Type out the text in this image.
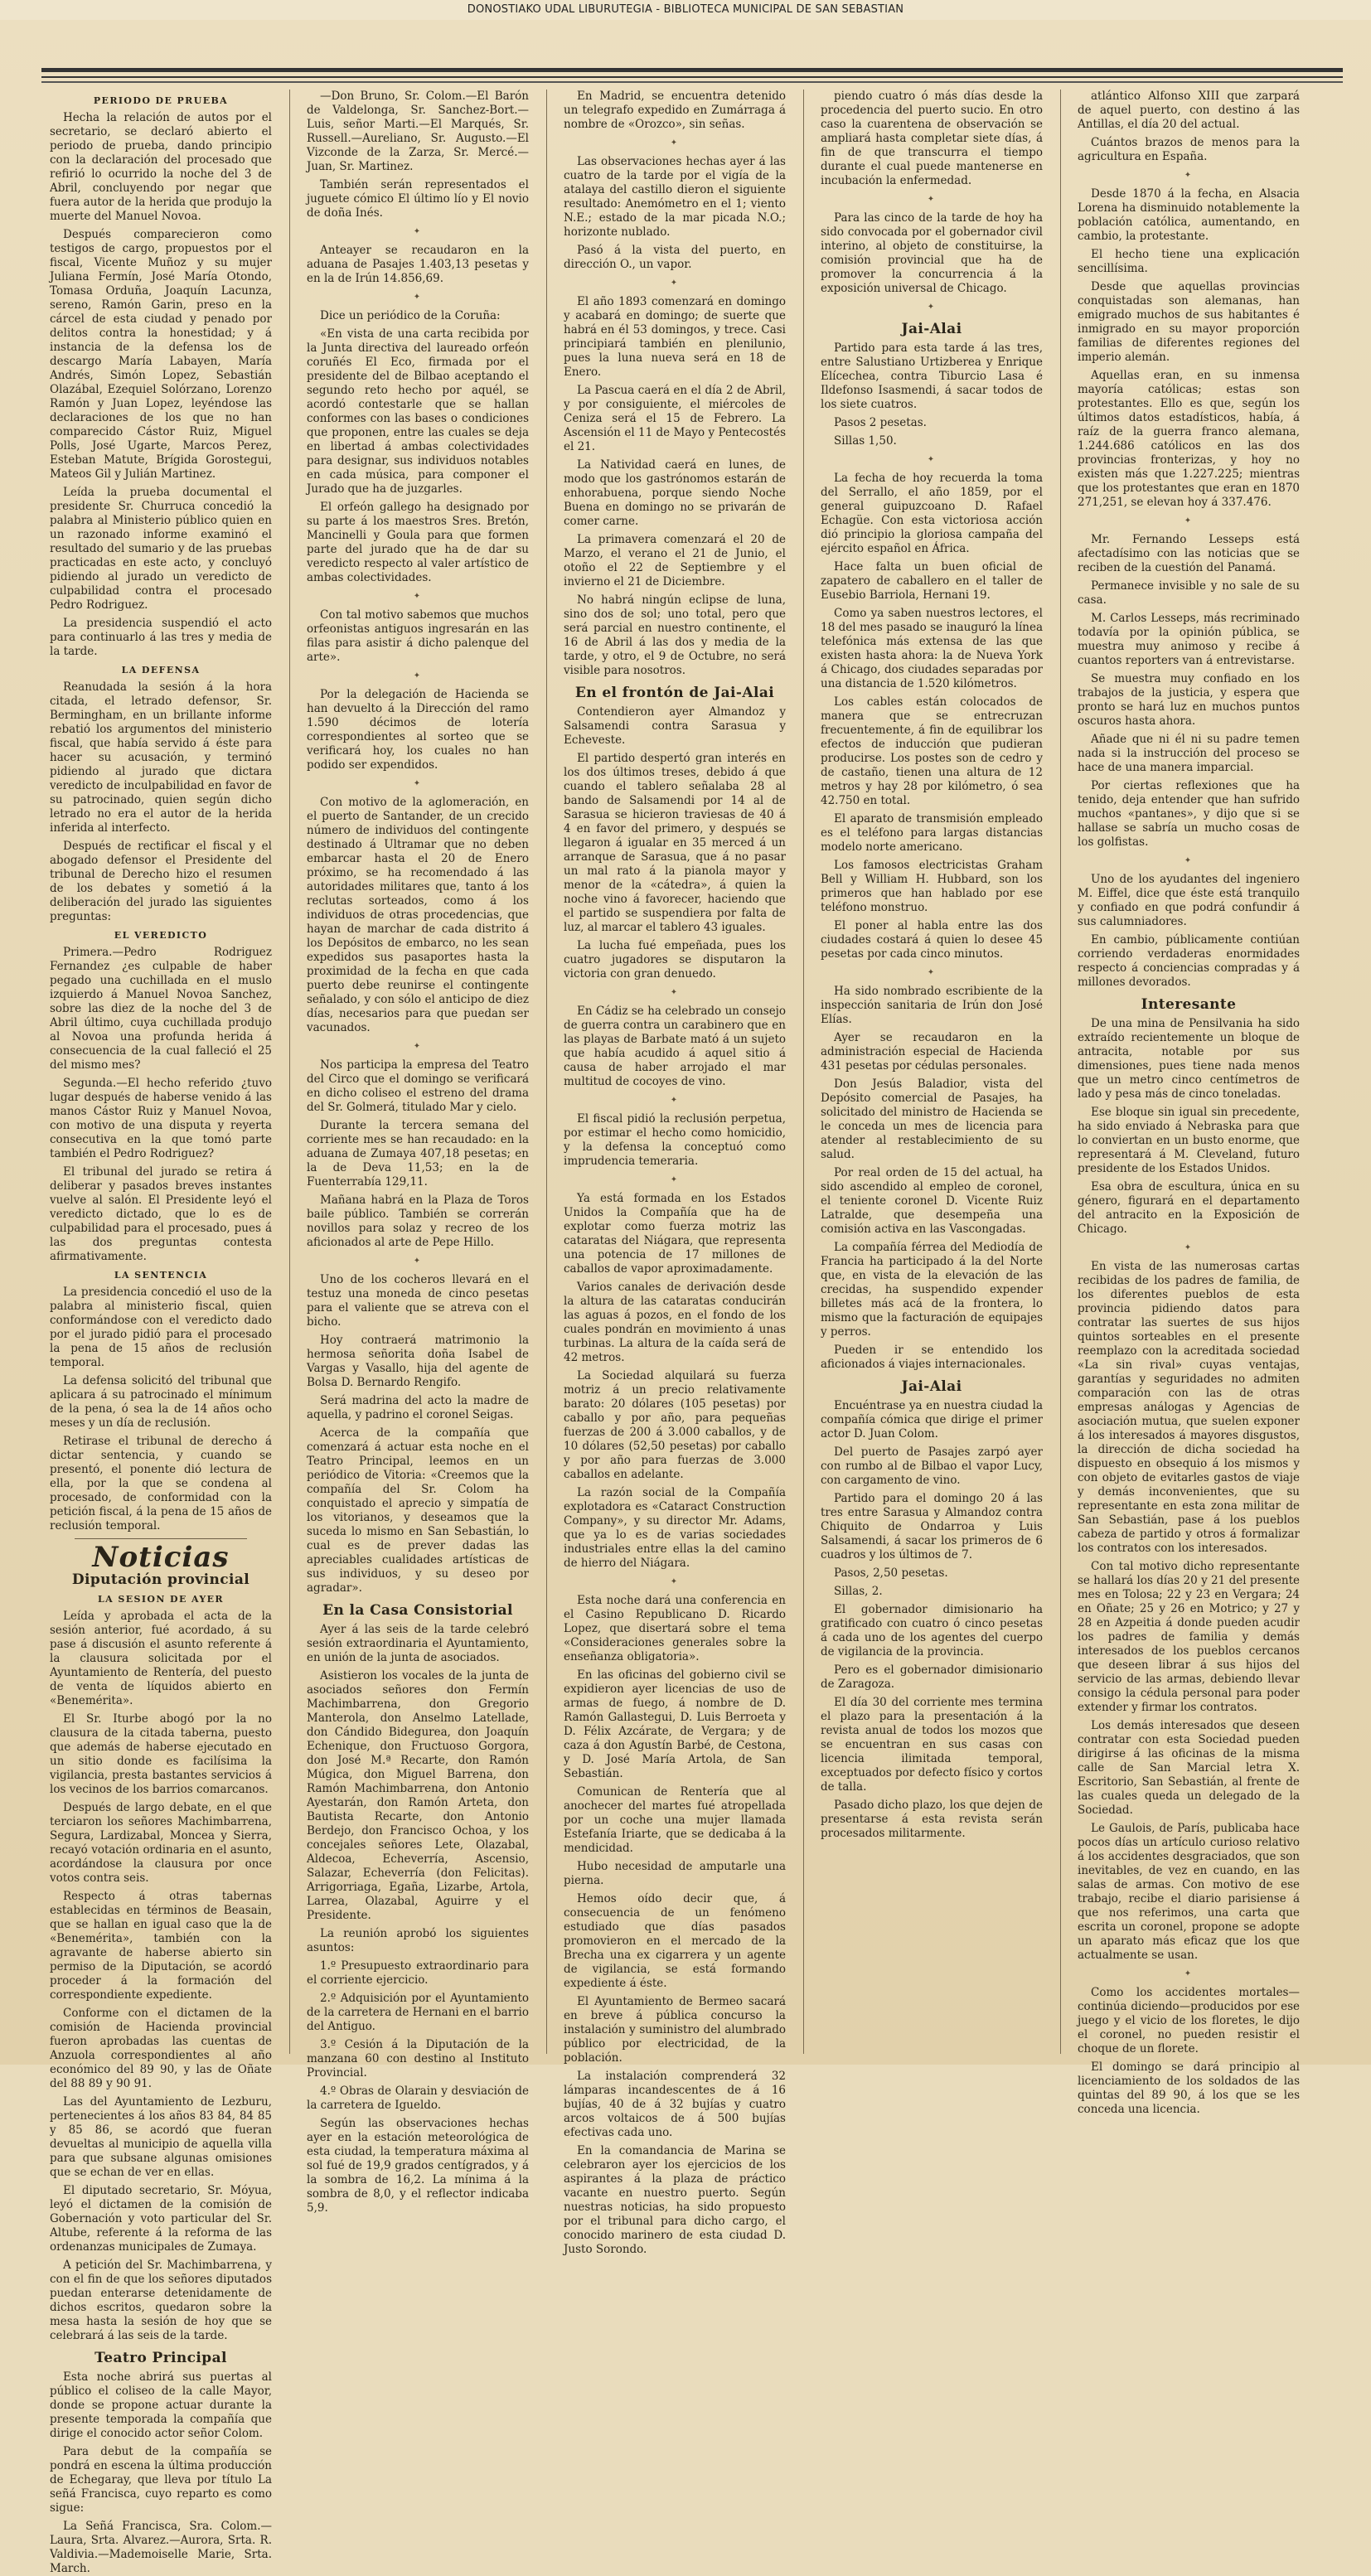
DONOSTIAKO UDAL LIBURUTEGIA - BIBLIOTECA MUNICIPAL DE SAN SEBASTIAN
PERIODO DE PRUEBA

Hecha la relación de autos por el secretario, se declaró abierto el periodo de prueba, dando principio con la declaración del procesado que refirió lo ocurrido la noche del 3 de Abril, concluyendo por negar que fuera autor de la herida que produjo la muerte del Manuel Novoa.

Después comparecieron como testigos de cargo, propuestos por el fiscal, Vicente Muñoz y su mujer Juliana Fermín, José María Otondo, Tomasa Orduña, Joaquín Lacunza, sereno, Ramón Garin, preso en la cárcel de esta ciudad y penado por delitos contra la honestidad; y á instancia de la defensa los de descargo María Labayen, María Andrés, Simón Lopez, Sebastián Olazábal, Ezequiel Solórzano, Lorenzo Ramón y Juan Lopez, leyéndose las declaraciones de los que no han comparecido Cástor Ruiz, Miguel Polls, José Ugarte, Marcos Perez, Esteban Matute, Brígida Gorostegui, Mateos Gil y Julián Martinez.

Leída la prueba documental el presidente Sr. Churruca concedió la palabra al Ministerio público quien en un razonado informe examinó el resultado del sumario y de las pruebas practicadas en este acto, y concluyó pidiendo al jurado un veredicto de culpabilidad contra el procesado Pedro Rodriguez.

La presidencia suspendió el acto para continuarlo á las tres y media de la tarde.

LA DEFENSA

Reanudada la sesión á la hora citada, el letrado defensor, Sr. Bermingham, en un brillante informe rebatió los argumentos del ministerio fiscal, que había servido á éste para hacer su acusación, y terminó pidiendo al jurado que dictara veredicto de inculpabilidad en favor de su patrocinado, quien según dicho letrado no era el autor de la herida inferida al interfecto.

Después de rectificar el fiscal y el abogado defensor el Presidente del tribunal de Derecho hizo el resumen de los debates y sometió á la deliberación del jurado las siguientes preguntas:

EL VEREDICTO

Primera.—Pedro Rodriguez Fernandez ¿es culpable de haber pegado una cuchillada en el muslo izquierdo á Manuel Novoa Sanchez, sobre las diez de la noche del 3 de Abril último, cuya cuchillada produjo al Novoa una profunda herida á consecuencia de la cual falleció el 25 del mismo mes?

Segunda.—El hecho referido ¿tuvo lugar después de haberse venido á las manos Cástor Ruiz y Manuel Novoa, con motivo de una disputa y reyerta consecutiva en la que tomó parte también el Pedro Rodriguez?

El tribunal del jurado se retira á deliberar y pasados breves instantes vuelve al salón. El Presidente leyó el veredicto dictado, que lo es de culpabilidad para el procesado, pues á las dos preguntas contesta afirmativamente.

LA SENTENCIA

La presidencia concedió el uso de la palabra al ministerio fiscal, quien conformándose con el veredicto dado por el jurado pidió para el procesado la pena de 15 años de reclusión temporal.

La defensa solicitó del tribunal que aplicara á su patrocinado el mínimum de la pena, ó sea la de 14 años ocho meses y un día de reclusión.

Retirase el tribunal de derecho á dictar sentencia, y cuando se presentó, el ponente dió lectura de ella, por la que se condena al procesado, de conformidad con la petición fiscal, á la pena de 15 años de reclusión temporal.

Noticias
Diputación provincial
LA SESION DE AYER

Leída y aprobada el acta de la sesión anterior, fué acordado, á su pase á discusión el asunto referente á la clausura solicitada por el Ayuntamiento de Rentería, del puesto de venta de líquidos abierto en «Benemérita».

El Sr. Iturbe abogó por la no clausura de la citada taberna, puesto que además de haberse ejecutado en un sitio donde es facilísima la vigilancia, presta bastantes servicios á los vecinos de los barrios comarcanos.

Después de largo debate, en el que terciaron los señores Machimbarrena, Segura, Lardizabal, Moncea y Sierra, recayó votación ordinaria en el asunto, acordándose la clausura por once votos contra seis.

Respecto á otras tabernas establecidas en términos de Beasain, que se hallan en igual caso que la de «Benemérita», también con la agravante de haberse abierto sin permiso de la Diputación, se acordó proceder á la formación del correspondiente expediente.

Conforme con el dictamen de la comisión de Hacienda provincial fueron aprobadas las cuentas de Anzuola correspondientes al año económico del 89 90, y las de Oñate del 88 89 y 90 91.

Las del Ayuntamiento de Lezburu, pertenecientes á los años 83 84, 84 85 y 85 86, se acordó que fueran devueltas al municipio de aquella villa para que subsane algunas omisiones que se echan de ver en ellas.

El diputado secretario, Sr. Móyua, leyó el dictamen de la comisión de Gobernación y voto particular del Sr. Altube, referente á la reforma de las ordenanzas municipales de Zumaya.

A petición del Sr. Machimbarrena, y con el fin de que los señores diputados puedan enterarse detenidamente de dichos escritos, quedaron sobre la mesa hasta la sesión de hoy que se celebrará á las seis de la tarde.

Teatro Principal

Esta noche abrirá sus puertas al público el coliseo de la calle Mayor, donde se propone actuar durante la presente temporada la compañía que dirige el conocido actor señor Colom.

Para debut de la compañía se pondrá en escena la última producción de Echegaray, que lleva por título La señá Francisca, cuyo reparto es como sigue:

La Señá Francisca, Sra. Colom.—Laura, Srta. Alvarez.—Aurora, Srta. R. Valdivia.—Mademoiselle Marie, Srta. March.

—Don Bruno, Sr. Colom.—El Barón de Valdelonga, Sr. Sanchez-Bort.—Luis, señor Marti.—El Marqués, Sr. Russell.—Aureliano, Sr. Augusto.—El Vizconde de la Zarza, Sr. Mercé.—Juan, Sr. Martinez.

También serán representados el juguete cómico El último lío y El novio de doña Inés.

✦

Anteayer se recaudaron en la aduana de Pasajes 1.403,13 pesetas y en la de Irún 14.856,69.

✦

Dice un periódico de la Coruña:

«En vista de una carta recibida por la Junta directiva del laureado orfeón coruñés El Eco, firmada por el presidente del de Bilbao aceptando el segundo reto hecho por aquél, se acordó contestarle que se hallan conformes con las bases o condiciones que proponen, entre las cuales se deja en libertad á ambas colectividades para designar, sus individuos notables en cada música, para componer el Jurado que ha de juzgarles.

El orfeón gallego ha designado por su parte á los maestros Sres. Bretón, Mancinelli y Goula para que formen parte del jurado que ha de dar su veredicto respecto al valer artístico de ambas colectividades.

✦

Con tal motivo sabemos que muchos orfeonistas antiguos ingresarán en las filas para asistir á dicho palenque del arte».

✦

Por la delegación de Hacienda se han devuelto á la Dirección del ramo 1.590 décimos de lotería correspondientes al sorteo que se verificará hoy, los cuales no han podido ser expendidos.

✦

Con motivo de la aglomeración, en el puerto de Santander, de un crecido número de individuos del contingente destinado á Ultramar que no deben embarcar hasta el 20 de Enero próximo, se ha recomendado á las autoridades militares que, tanto á los reclutas sorteados, como á los individuos de otras procedencias, que hayan de marchar de cada distrito á los Depósitos de embarco, no les sean expedidos sus pasaportes hasta la proximidad de la fecha en que cada puerto debe reunirse el contingente señalado, y con sólo el anticipo de diez días, necesarios para que puedan ser vacunados.

✦

Nos participa la empresa del Teatro del Circo que el domingo se verificará en dicho coliseo el estreno del drama del Sr. Golmerá, titulado Mar y cielo.

Durante la tercera semana del corriente mes se han recaudado: en la aduana de Zumaya 407,18 pesetas; en la de Deva 11,53; en la de Fuenterrabía 129,11.

Mañana habrá en la Plaza de Toros baile público. También se correrán novillos para solaz y recreo de los aficionados al arte de Pepe Hillo.

✦

Uno de los cocheros llevará en el testuz una moneda de cinco pesetas para el valiente que se atreva con el bicho.

Hoy contraerá matrimonio la hermosa señorita doña Isabel de Vargas y Vasallo, hija del agente de Bolsa D. Bernardo Rengifo.

Será madrina del acto la madre de aquella, y padrino el coronel Seigas.

Acerca de la compañía que comenzará á actuar esta noche en el Teatro Principal, leemos en un periódico de Vitoria: «Creemos que la compañía del Sr. Colom ha conquistado el aprecio y simpatía de los vitorianos, y deseamos que la suceda lo mismo en San Sebastián, lo cual es de prever dadas las apreciables cualidades artísticas de sus individuos, y su deseo por agradar».

En la Casa Consistorial

Ayer á las seis de la tarde celebró sesión extraordinaria el Ayuntamiento, en unión de la junta de asociados.

Asistieron los vocales de la junta de asociados señores don Fermín Machimbarrena, don Gregorio Manterola, don Anselmo Latellade, don Cándido Bidegurea, don Joaquín Echenique, don Fructuoso Gorgora, don José M.ª Recarte, don Ramón Múgica, don Miguel Barrena, don Ramón Machimbarrena, don Antonio Ayestarán, don Ramón Arteta, don Bautista Recarte, don Antonio Berdejo, don Francisco Ochoa, y los concejales señores Lete, Olazabal, Aldecoa, Echeverría, Ascensio, Salazar, Echeverría (don Felicitas). Arrigorriaga, Egaña, Lizarbe, Artola, Larrea, Olazabal, Aguirre y el Presidente.

La reunión aprobó los siguientes asuntos:

1.º Presupuesto extraordinario para el corriente ejercicio.

2.º Adquisición por el Ayuntamiento de la carretera de Hernani en el barrio del Antiguo.

3.º Cesión á la Diputación de la manzana 60 con destino al Instituto Provincial.

4.º Obras de Olarain y desviación de la carretera de Igueldo.

Según las observaciones hechas ayer en la estación meteorológica de esta ciudad, la temperatura máxima al sol fué de 19,9 grados centígrados, y á la sombra de 16,2. La mínima á la sombra de 8,0, y el reflector indicaba 5,9.

En Madrid, se encuentra detenido un telegrafo expedido en Zumárraga á nombre de «Orozco», sin señas.

✦

Las observaciones hechas ayer á las cuatro de la tarde por el vigía de la atalaya del castillo dieron el siguiente resultado: Anemómetro en el 1; viento N.E.; estado de la mar picada N.O.; horizonte nublado.

Pasó á la vista del puerto, en dirección O., un vapor.

✦

El año 1893 comenzará en domingo y acabará en domingo; de suerte que habrá en él 53 domingos, y trece. Casi principiará también en plenilunio, pues la luna nueva será en 18 de Enero.

La Pascua caerá en el día 2 de Abril, y por consiguiente, el miércoles de Ceniza será el 15 de Febrero. La Ascensión el 11 de Mayo y Pentecostés el 21.

La Natividad caerá en lunes, de modo que los gastrónomos estarán de enhorabuena, porque siendo Noche Buena en domingo no se privarán de comer carne.

La primavera comenzará el 20 de Marzo, el verano el 21 de Junio, el otoño el 22 de Septiembre y el invierno el 21 de Diciembre.

No habrá ningún eclipse de luna, sino dos de sol; uno total, pero que será parcial en nuestro continente, el 16 de Abril á las dos y media de la tarde, y otro, el 9 de Octubre, no será visible para nosotros.

En el frontón de Jai-Alai

Contendieron ayer Almandoz y Salsamendi contra Sarasua y Echeveste.

El partido despertó gran interés en los dos últimos treses, debido á que cuando el tablero señalaba 28 al bando de Salsamendi por 14 al de Sarasua se hicieron traviesas de 40 á 4 en favor del primero, y después se llegaron á igualar en 35 merced á un arranque de Sarasua, que á no pasar un mal rato á la pianola mayor y menor de la «cátedra», á quien la noche vino á favorecer, haciendo que el partido se suspendiera por falta de luz, al marcar el tablero 43 iguales.

La lucha fué empeñada, pues los cuatro jugadores se disputaron la victoria con gran denuedo.

✦

En Cádiz se ha celebrado un consejo de guerra contra un carabinero que en las playas de Barbate mató á un sujeto que había acudido á aquel sitio á causa de haber arrojado el mar multitud de cocoyes de vino.

✦

El fiscal pidió la reclusión perpetua, por estimar el hecho como homicidio, y la defensa la conceptuó como imprudencia temeraria.

✦

Ya está formada en los Estados Unidos la Compañía que ha de explotar como fuerza motriz las cataratas del Niágara, que representa una potencia de 17 millones de caballos de vapor aproximadamente.

Varios canales de derivación desde la altura de las cataratas conducirán las aguas á pozos, en el fondo de los cuales pondrán en movimiento á unas turbinas. La altura de la caída será de 42 metros.

La Sociedad alquilará su fuerza motriz á un precio relativamente barato: 20 dólares (105 pesetas) por caballo y por año, para pequeñas fuerzas de 200 á 3.000 caballos, y de 10 dólares (52,50 pesetas) por caballo y por año para fuerzas de 3.000 caballos en adelante.

La razón social de la Compañía explotadora es «Cataract Construction Company», y su director Mr. Adams, que ya lo es de varias sociedades industriales entre ellas la del camino de hierro del Niágara.

✦

Esta noche dará una conferencia en el Casino Republicano D. Ricardo Lopez, que disertará sobre el tema «Consideraciones generales sobre la enseñanza obligatoria».

En las oficinas del gobierno civil se expidieron ayer licencias de uso de armas de fuego, á nombre de D. Ramón Gallastegui, D. Luis Berroeta y D. Félix Azcárate, de Vergara; y de caza á don Agustín Barbé, de Cestona, y D. José María Artola, de San Sebastián.

Comunican de Rentería que al anochecer del martes fué atropellada por un coche una mujer llamada Estefanía Iriarte, que se dedicaba á la mendicidad.

Hubo necesidad de amputarle una pierna.

Hemos oído decir que, á consecuencia de un fenómeno estudiado que días pasados promovieron en el mercado de la Brecha una ex cigarrera y un agente de vigilancia, se está formando expediente á éste.

El Ayuntamiento de Bermeo sacará en breve á pública concurso la instalación y suministro del alumbrado público por electricidad, de la población.

La instalación comprenderá 32 lámparas incandescentes de á 16 bujías, 40 de á 32 bujías y cuatro arcos voltaicos de á 500 bujías efectivas cada uno.

En la comandancia de Marina se celebraron ayer los ejercicios de los aspirantes á la plaza de práctico vacante en nuestro puerto. Según nuestras noticias, ha sido propuesto por el tribunal para dicho cargo, el conocido marinero de esta ciudad D. Justo Sorondo.

piendo cuatro ó más días desde la procedencia del puerto sucio. En otro caso la cuarentena de observación se ampliará hasta completar siete días, á fin de que transcurra el tiempo durante el cual puede mantenerse en incubación la enfermedad.

✦

Para las cinco de la tarde de hoy ha sido convocada por el gobernador civil interino, al objeto de constituirse, la comisión provincial que ha de promover la concurrencia á la exposición universal de Chicago.

✦
Jai-Alai

Partido para esta tarde á las tres, entre Salustiano Urtizberea y Enrique Elícechea, contra Tiburcio Lasa é Ildefonso Isasmendi, á sacar todos de los siete cuatros.

Pasos 2 pesetas.

Sillas 1,50.

✦

La fecha de hoy recuerda la toma del Serrallo, el año 1859, por el general guipuzcoano D. Rafael Echagüe. Con esta victoriosa acción dió principio la gloriosa campaña del ejército español en África.

Hace falta un buen oficial de zapatero de caballero en el taller de Eusebio Barriola, Hernani 19.

Como ya saben nuestros lectores, el 18 del mes pasado se inauguró la línea telefónica más extensa de las que existen hasta ahora: la de Nueva York á Chicago, dos ciudades separadas por una distancia de 1.520 kilómetros.

Los cables están colocados de manera que se entrecruzan frecuentemente, á fin de equilibrar los efectos de inducción que pudieran producirse. Los postes son de cedro y de castaño, tienen una altura de 12 metros y hay 28 por kilómetro, ó sea 42.750 en total.

El aparato de transmisión empleado es el teléfono para largas distancias modelo norte americano.

Los famosos electricistas Graham Bell y William H. Hubbard, son los primeros que han hablado por ese teléfono monstruo.

El poner al habla entre las dos ciudades costará á quien lo desee 45 pesetas por cada cinco minutos.

✦

Ha sido nombrado escribiente de la inspección sanitaria de Irún don José Elías.

Ayer se recaudaron en la administración especial de Hacienda 431 pesetas por cédulas personales.

Don Jesús Baladior, vista del Depósito comercial de Pasajes, ha solicitado del ministro de Hacienda se le conceda un mes de licencia para atender al restablecimiento de su salud.

Por real orden de 15 del actual, ha sido ascendido al empleo de coronel, el teniente coronel D. Vicente Ruiz Latralde, que desempeña una comisión activa en las Vascongadas.

La compañía férrea del Mediodía de Francia ha participado á la del Norte que, en vista de la elevación de las crecidas, ha suspendido expender billetes más acá de la frontera, lo mismo que la facturación de equipajes y perros.

Pueden ir se entendido los aficionados á viajes internacionales.

Jai-Alai

Encuéntrase ya en nuestra ciudad la compañía cómica que dirige el primer actor D. Juan Colom.

Del puerto de Pasajes zarpó ayer con rumbo al de Bilbao el vapor Lucy, con cargamento de vino.

Partido para el domingo 20 á las tres entre Sarasua y Almandoz contra Chiquito de Ondarroa y Luis Salsamendi, á sacar los primeros de 6 cuadros y los últimos de 7.

Pasos, 2,50 pesetas.

Sillas, 2.

El gobernador dimisionario ha gratificado con cuatro ó cinco pesetas á cada uno de los agentes del cuerpo de vigilancia de la provincia.

Pero es el gobernador dimisionario de Zaragoza.

El día 30 del corriente mes termina el plazo para la presentación á la revista anual de todos los mozos que se encuentran en sus casas con licencia ilimitada temporal, exceptuados por defecto físico y cortos de talla.

Pasado dicho plazo, los que dejen de presentarse á esta revista serán procesados militarmente.

atlántico Alfonso XIII que zarpará de aquel puerto, con destino á las Antillas, el día 20 del actual.

Cuántos brazos de menos para la agricultura en España.

✦

Desde 1870 á la fecha, en Alsacia Lorena ha disminuido notablemente la población católica, aumentando, en cambio, la protestante.

El hecho tiene una explicación sencillísima.

Desde que aquellas provincias conquistadas son alemanas, han emigrado muchos de sus habitantes é inmigrado en su mayor proporción familias de diferentes regiones del imperio alemán.

Aquellas eran, en su inmensa mayoría católicas; estas son protestantes. Ello es que, según los últimos datos estadísticos, había, á raíz de la guerra franco alemana, 1.244.686 católicos en las dos provincias fronterizas, y hoy no existen más que 1.227.225; mientras que los protestantes que eran en 1870 271,251, se elevan hoy á 337.476.

✦

Mr. Fernando Lesseps está afectadísimo con las noticias que se reciben de la cuestión del Panamá.

Permanece invisible y no sale de su casa.

M. Carlos Lesseps, más recriminado todavía por la opinión pública, se muestra muy animoso y recibe á cuantos reporters van á entrevistarse.

Se muestra muy confiado en los trabajos de la justicia, y espera que pronto se hará luz en muchos puntos oscuros hasta ahora.

Añade que ni él ni su padre temen nada si la instrucción del proceso se hace de una manera imparcial.

Por ciertas reflexiones que ha tenido, deja entender que han sufrido muchos «pantanes», y dijo que si se hallase se sabría un mucho cosas de los golfistas.

✦

Uno de los ayudantes del ingeniero M. Eiffel, dice que éste está tranquilo y confiado en que podrá confundir á sus calumniadores.

En cambio, públicamente contiúan corriendo verdaderas enormidades respecto á conciencias compradas y á millones devorados.

Interesante

De una mina de Pensilvania ha sido extraído recientemente un bloque de antracita, notable por sus dimensiones, pues tiene nada menos que un metro cinco centímetros de lado y pesa más de cinco toneladas.

Ese bloque sin igual sin precedente, ha sido enviado á Nebraska para que lo conviertan en un busto enorme, que representará á M. Cleveland, futuro presidente de los Estados Unidos.

Esa obra de escultura, única en su género, figurará en el departamento del antracito en la Exposición de Chicago.

✦

En vista de las numerosas cartas recibidas de los padres de familia, de los diferentes pueblos de esta provincia pidiendo datos para contratar las suertes de sus hijos quintos sorteables en el presente reemplazo con la acreditada sociedad «La sin rival» cuyas ventajas, garantías y seguridades no admiten comparación con las de otras empresas análogas y Agencias de asociación mutua, que suelen exponer á los interesados á mayores disgustos, la dirección de dicha sociedad ha dispuesto en obsequio á los mismos y con objeto de evitarles gastos de viaje y demás inconvenientes, que su representante en esta zona militar de San Sebastián, pase á los pueblos cabeza de partido y otros á formalizar los contratos con los interesados.

Con tal motivo dicho representante se hallará los días 20 y 21 del presente mes en Tolosa; 22 y 23 en Vergara; 24 en Oñate; 25 y 26 en Motrico; y 27 y 28 en Azpeitia á donde pueden acudir los padres de familia y demás interesados de los pueblos cercanos que deseen librar á sus hijos del servicio de las armas, debiendo llevar consigo la cédula personal para poder extender y firmar los contratos.

Los demás interesados que deseen contratar con esta Sociedad pueden dirigirse á las oficinas de la misma calle de San Marcial letra X. Escritorio, San Sebastián, al frente de las cuales queda un delegado de la Sociedad.

Le Gaulois, de París, publicaba hace pocos días un artículo curioso relativo á los accidentes desgraciados, que son inevitables, de vez en cuando, en las salas de armas. Con motivo de ese trabajo, recibe el diario parisiense á que nos referimos, una carta que escrita un coronel, propone se adopte un aparato más eficaz que los que actualmente se usan.

✦

Como los accidentes mortales—continúa diciendo—producidos por ese juego y el vicio de los floretes, le dijo el coronel, no pueden resistir el choque de un florete.

El domingo se dará principio al licenciamiento de los soldados de las quintas del 89 90, á los que se les conceda una licencia.
